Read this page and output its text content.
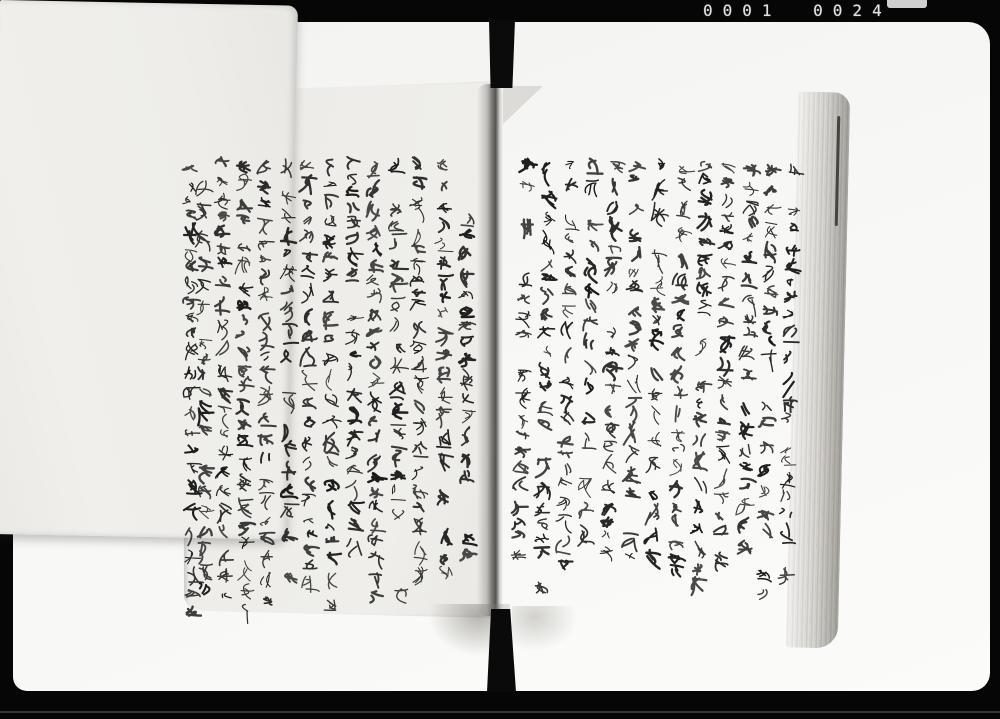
0001 0024
